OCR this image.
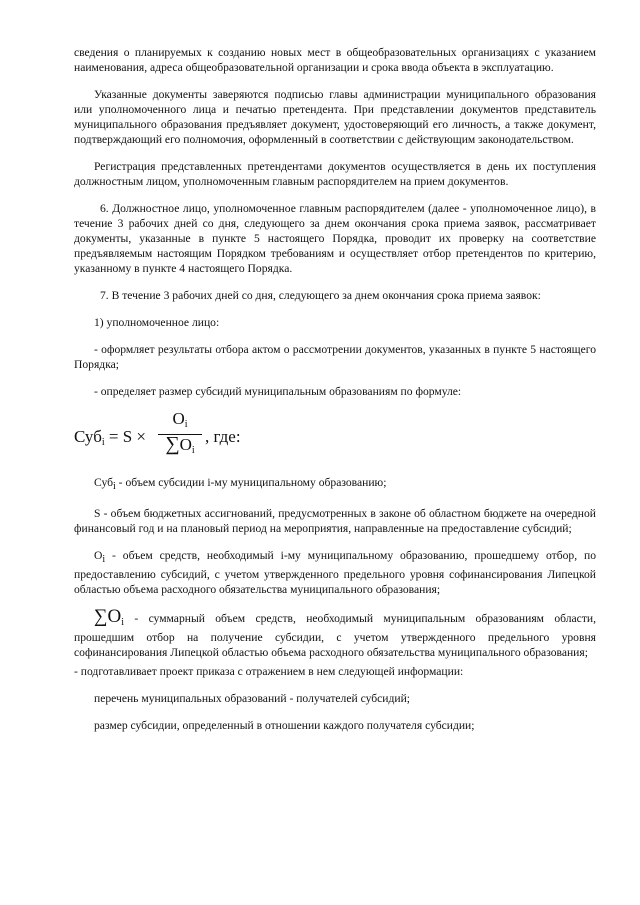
сведения о планируемых к созданию новых мест в общеобразовательных организациях с указанием наименования, адреса общеобразовательной организации и срока ввода объекта в эксплуатацию.

Указанные документы заверяются подписью главы администрации муниципального образования или уполномоченного лица и печатью претендента. При представлении документов представитель муниципального образования предъявляет документ, удостоверяющий его личность, а также документ, подтверждающий его полномочия, оформленный в соответствии с действующим законодательством.

Регистрация представленных претендентами документов осуществляется в день их поступления должностным лицом, уполномоченным главным распорядителем на прием документов.

6. Должностное лицо, уполномоченное главным распорядителем (далее - уполномоченное лицо), в течение 3 рабочих дней со дня, следующего за днем окончания срока приема заявок, рассматривает документы, указанные в пункте 5 настоящего Порядка, проводит их проверку на соответствие предъявляемым настоящим Порядком требованиям и осуществляет отбор претендентов по критерию, указанному в пункте 4 настоящего Порядка.

7. В течение 3 рабочих дней со дня, следующего за днем окончания срока приема заявок:

1) уполномоченное лицо:

- оформляет результаты отбора актом о рассмотрении документов, указанных в пункте 5 настоящего Порядка;

- определяет размер субсидий муниципальным образованиям по формуле:

$Суб_i = S \times \frac{O_i}{\sum O_i}$ , где:

Субi - объем субсидии i-му муниципальному образованию;

S - объем бюджетных ассигнований, предусмотренных в законе об областном бюджете на очередной финансовый год и на плановый период на мероприятия, направленные на предоставление субсидий;

Oi - объем средств, необходимый i-му муниципальному образованию, прошедшему отбор, по предоставлению субсидий, с учетом утвержденного предельного уровня софинансирования Липецкой областью объема расходного обязательства муниципального образования;

∑Oi - суммарный объем средств, необходимый муниципальным образованиям области, прошедшим отбор на получение субсидии, с учетом утвержденного предельного уровня софинансирования Липецкой областью объема расходного обязательства муниципального образования;

- подготавливает проект приказа с отражением в нем следующей информации:

перечень муниципальных образований - получателей субсидий;

размер субсидии, определенный в отношении каждого получателя субсидии;
